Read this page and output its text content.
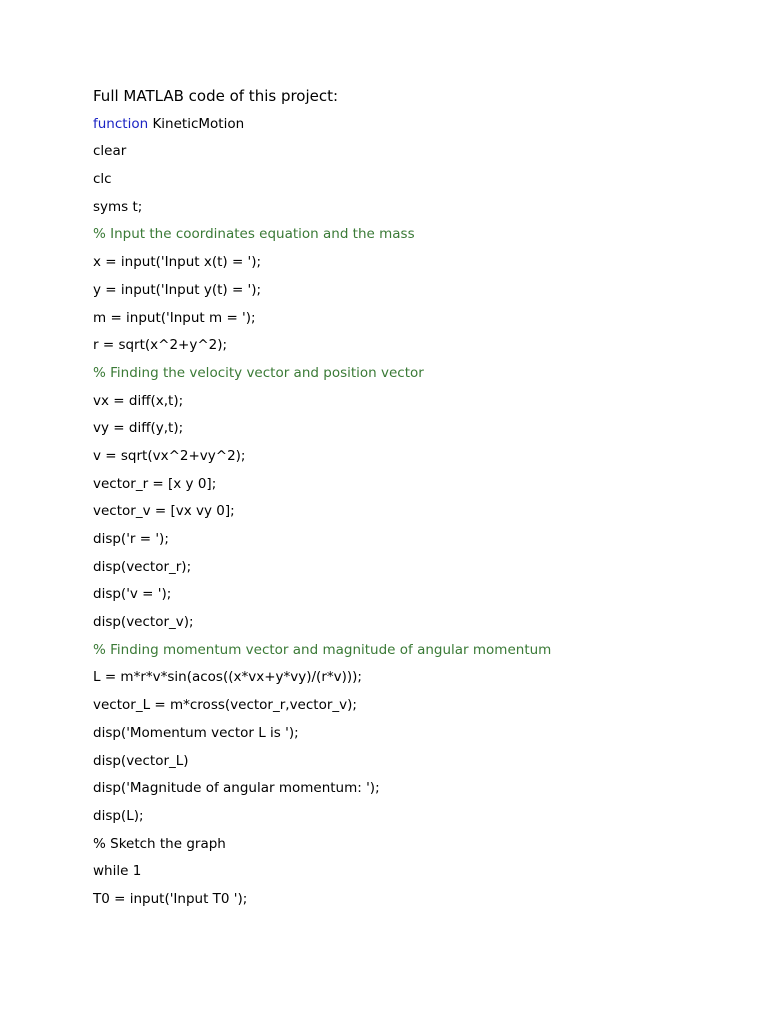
Full MATLAB code of this project:
function KineticMotion
clear
clc
syms t;
% Input the coordinates equation and the mass
x = input('Input x(t) = ');
y = input('Input y(t) = ');
m = input('Input m = ');
r = sqrt(x^2+y^2);
% Finding the velocity vector and position vector
vx = diff(x,t);
vy = diff(y,t);
v = sqrt(vx^2+vy^2);
vector_r = [x y 0];
vector_v = [vx vy 0];
disp('r = ');
disp(vector_r);
disp('v = ');
disp(vector_v);
% Finding momentum vector and magnitude of angular momentum
L = m*r*v*sin(acos((x*vx+y*vy)/(r*v)));
vector_L = m*cross(vector_r,vector_v);
disp('Momentum vector L is ');
disp(vector_L)
disp('Magnitude of angular momentum: ');
disp(L);
% Sketch the graph
while 1
T0 = input('Input T0 ');
